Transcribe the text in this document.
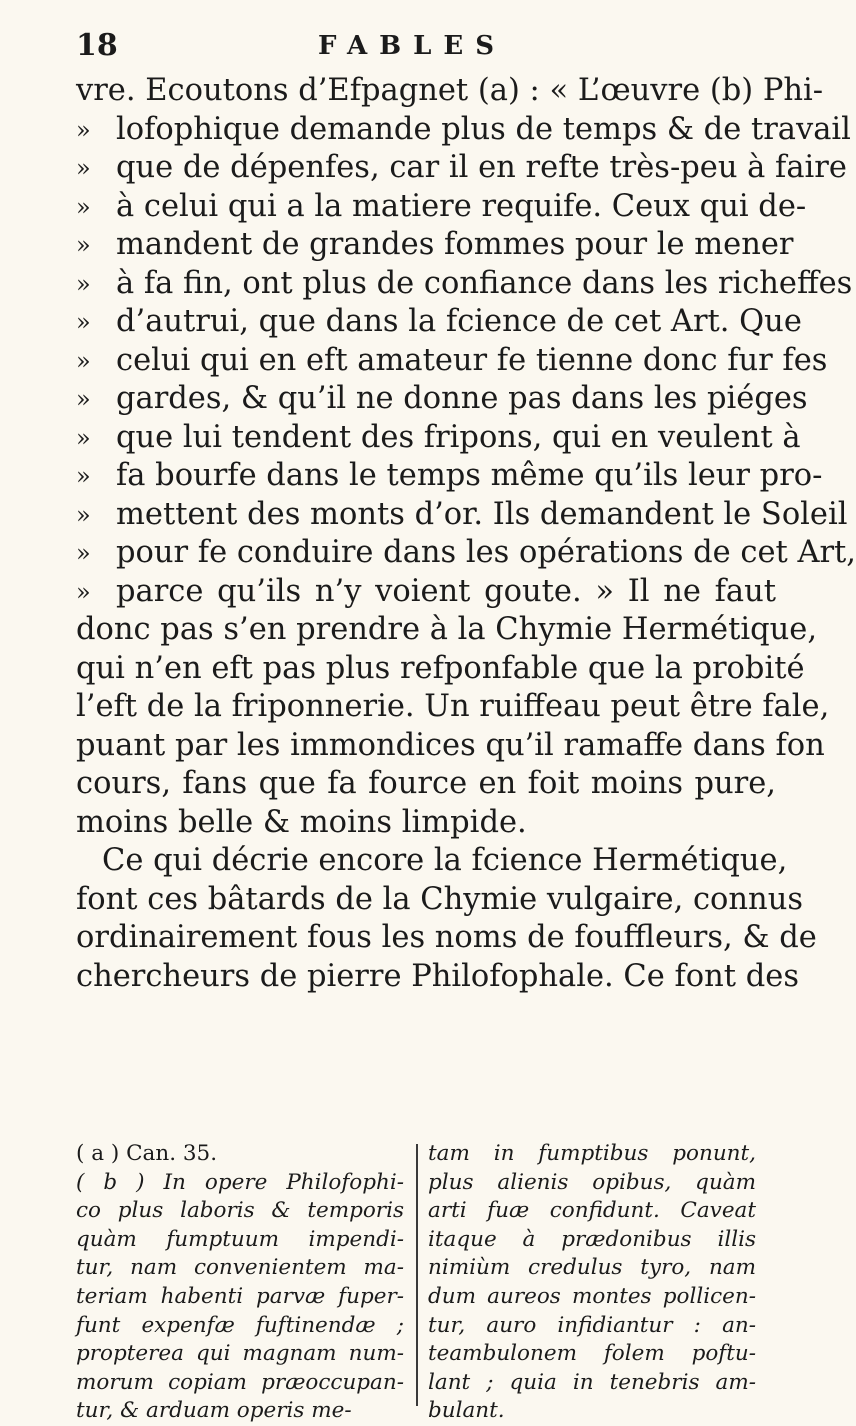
18	FABLES
vre. Ecoutons d’Efpagnet (a) : « L’œuvre (b) Phi-
» lofophique demande plus de temps & de travail
» que de dépenfes, car il en refte très-peu à faire
» à celui qui a la matiere requife. Ceux qui de-
» mandent de grandes fommes pour le mener
» à fa fin, ont plus de confiance dans les richeffes
» d’autrui, que dans la fcience de cet Art. Que
» celui qui en eft amateur fe tienne donc fur fes
» gardes, & qu’il ne donne pas dans les piéges
» que lui tendent des fripons, qui en veulent à
» fa bourfe dans le temps même qu’ils leur pro-
» mettent des monts d’or. Ils demandent le Soleil
» pour fe conduire dans les opérations de cet Art,
» parce qu’ils n’y voient goute. » Il ne faut
donc pas s’en prendre à la Chymie Hermétique,
qui n’en eft pas plus refponfable que la probité
l’eft de la friponnerie. Un ruiffeau peut être fale,
puant par les immondices qu’il ramaffe dans fon
cours, fans que fa fource en foit moins pure,
moins belle & moins limpide.
Ce qui décrie encore la fcience Hermétique,
font ces bâtards de la Chymie vulgaire, connus
ordinairement fous les noms de fouffleurs, & de
chercheurs de pierre Philofophale. Ce font des
( a ) Can. 35.
( b ) In opere Philofophi-
co plus laboris & temporis
quàm fumptuum impendi-
tur, nam convenientem ma-
teriam habenti parvæ fuper-
funt expenfæ fuftinendæ ;
propterea qui magnam num-
morum copiam præoccupan-
tur, & arduam operis me-
tam in fumptibus ponunt,
plus alienis opibus, quàm
arti fuæ confidunt. Caveat
itaque à prædonibus illis
nimiùm credulus tyro, nam
dum aureos montes pollicen-
tur, auro infidiantur : an-
teambulonem folem poftu-
lant ; quia in tenebris am-
bulant.
